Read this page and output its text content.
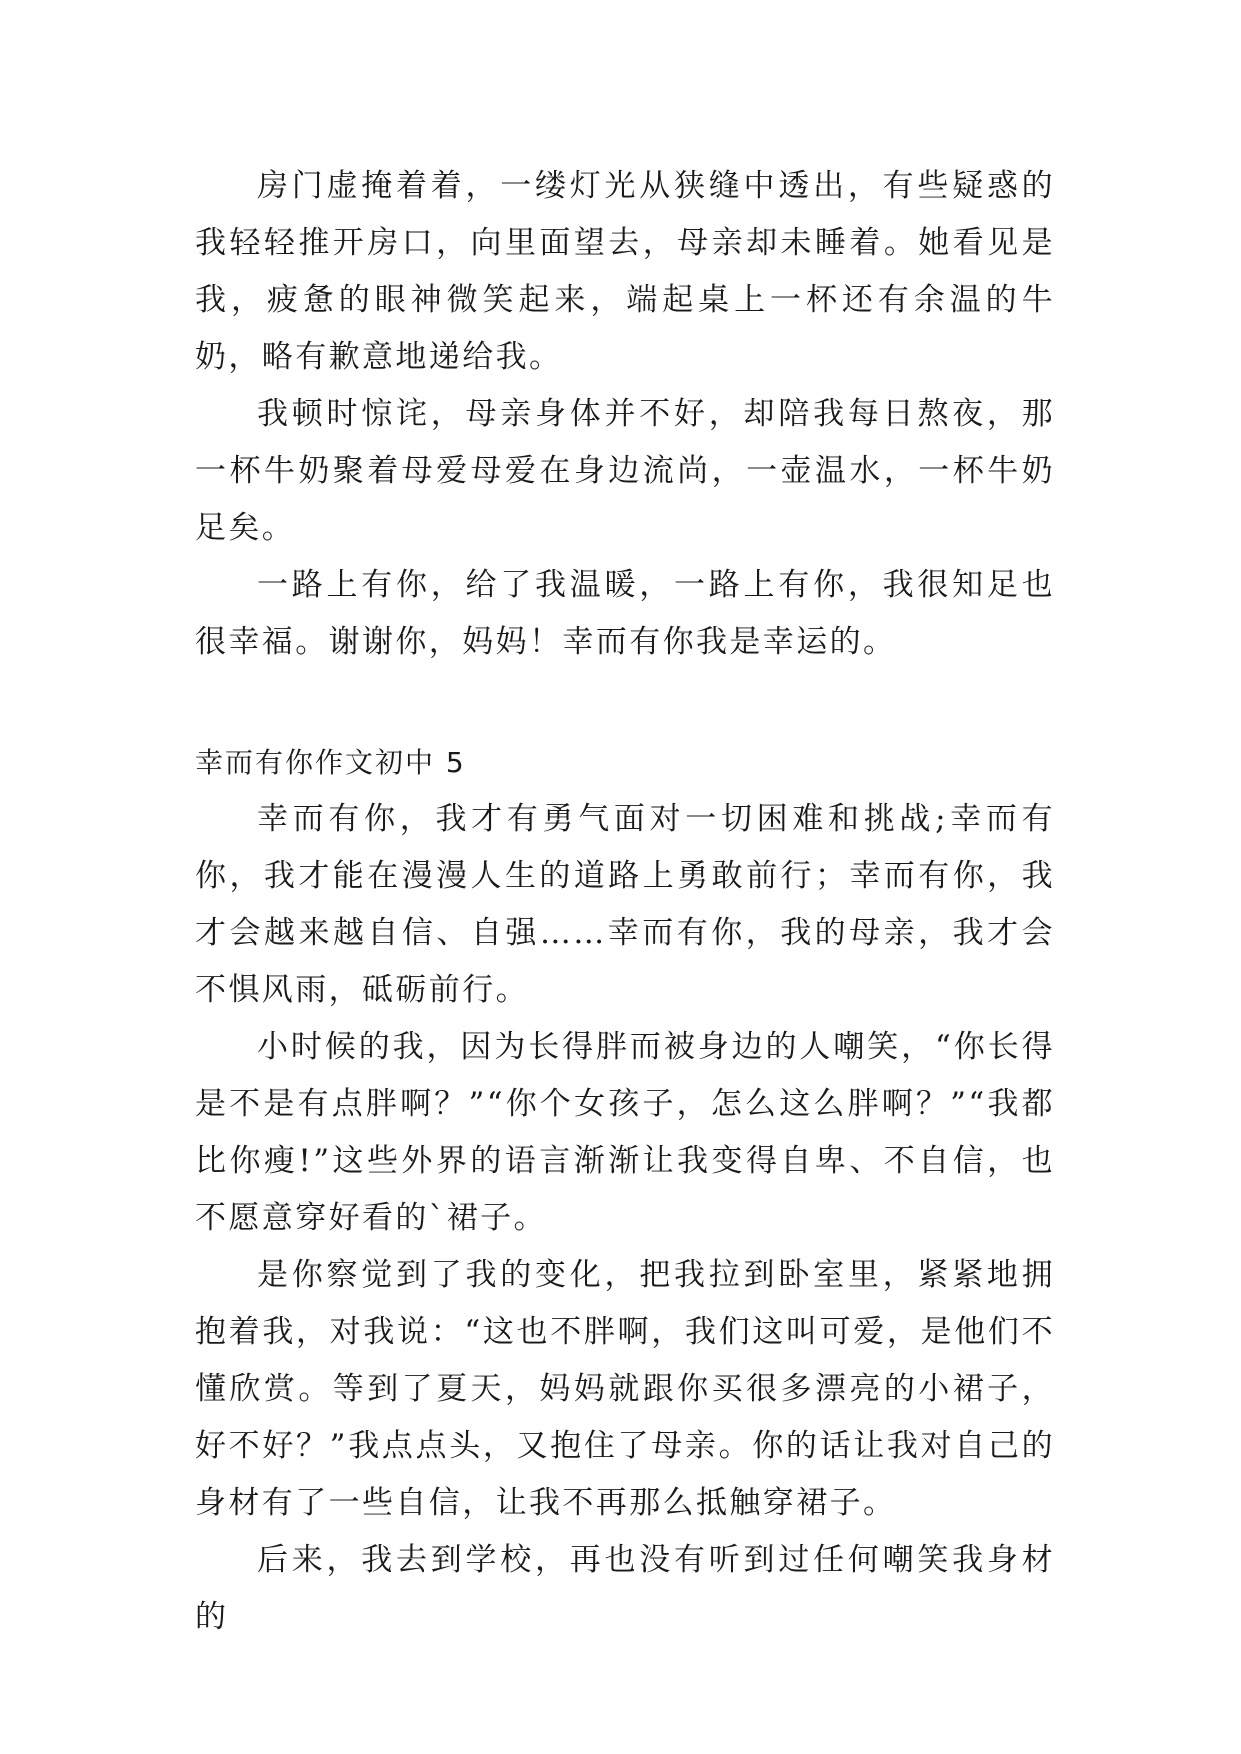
房门虚掩着着，一缕灯光从狭缝中透出，有些疑惑的我轻轻推开房口，向里面望去，母亲却未睡着。她看见是我，疲惫的眼神微笑起来，端起桌上一杯还有余温的牛奶，略有歉意地递给我。

我顿时惊诧，母亲身体并不好，却陪我每日熬夜，那一杯牛奶聚着母爱母爱在身边流尚，一壶温水，一杯牛奶足矣。

一路上有你，给了我温暖，一路上有你，我很知足也很幸福。谢谢你，妈妈！幸而有你我是幸运的。

幸而有你作文初中 5

幸而有你，我才有勇气面对一切困难和挑战;幸而有你，我才能在漫漫人生的道路上勇敢前行；幸而有你，我才会越来越自信、自强……幸而有你，我的母亲，我才会不惧风雨，砥砺前行。

小时候的我，因为长得胖而被身边的人嘲笑，“你长得是不是有点胖啊？”“你个女孩子，怎么这么胖啊？”“我都比你瘦!”这些外界的语言渐渐让我变得自卑、不自信，也不愿意穿好看的`裙子。

是你察觉到了我的变化，把我拉到卧室里，紧紧地拥抱着我，对我说：“这也不胖啊，我们这叫可爱，是他们不懂欣赏。等到了夏天，妈妈就跟你买很多漂亮的小裙子，好不好？”我点点头，又抱住了母亲。你的话让我对自己的身材有了一些自信，让我不再那么抵触穿裙子。

后来，我去到学校，再也没有听到过任何嘲笑我身材的
